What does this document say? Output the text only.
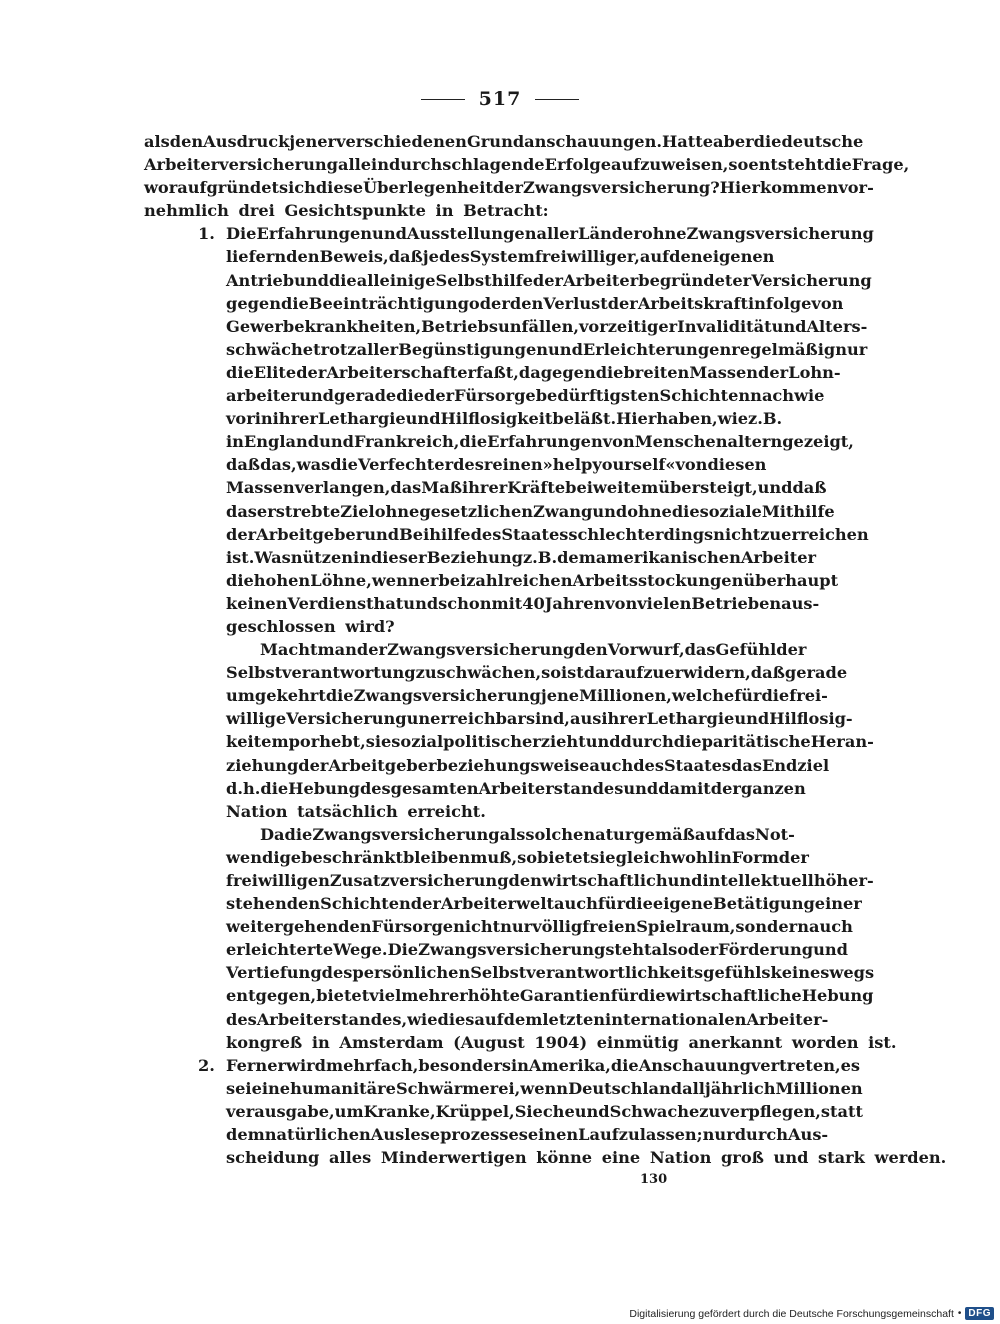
517
als den Ausdruck jener verschiedenen Grundanschauungen. Hatte aber die deutsche
Arbeiterversicherung allein durchschlagende Erfolge aufzuweisen, so entsteht die Frage,
worauf gründet sich diese Überlegenheit der Zwangsversicherung? Hier kommen vor-
nehmlich drei Gesichtspunkte in Betracht:
1. Die Erfahrungen und Ausstellungen aller Länder ohne Zwangsversicherung
liefern den Beweis, daß jedes System freiwilliger, auf den eigenen
Antrieb und die alleinige Selbsthilfe der Arbeiter begründeter Versicherung
gegen die Beeinträchtigung oder den Verlust der Arbeitskraft infolge von
Gewerbekrankheiten, Betriebsunfällen, vorzeitiger Invalidität und Alters-
schwäche trotz aller Begünstigungen und Erleichterungen regelmäßig nur
die Elite der Arbeiterschaft erfaßt, dagegen die breiten Massen der Lohn-
arbeiter und gerade die der Fürsorge bedürftigsten Schichten nach wie
vor in ihrer Lethargie und Hilflosigkeit beläßt. Hier haben, wie z. B.
in England und Frankreich, die Erfahrungen von Menschenaltern gezeigt,
daß das, was die Verfechter des reinen »help your self« von diesen
Massen verlangen, das Maß ihrer Kräfte bei weitem übersteigt, und daß
das erstrebte Ziel ohne gesetzlichen Zwang und ohne die soziale Mithilfe
der Arbeitgeber und Beihilfe des Staates schlechterdings nicht zu erreichen
ist. Was nützen in dieser Beziehung z. B. dem amerikanischen Arbeiter
die hohen Löhne, wenn er bei zahlreichen Arbeitsstockungen überhaupt
keinen Verdienst hat und schon mit 40 Jahren von vielen Betrieben aus-
geschlossen wird?
Macht man der Zwangsversicherung den Vorwurf, das Gefühl der
Selbstverantwortung zu schwächen, so ist darauf zu erwidern, daß gerade
umgekehrt die Zwangsversicherung jene Millionen, welche für die frei-
willige Versicherung unerreichbar sind, aus ihrer Lethargie und Hilflosig-
keit emporhebt, sie sozialpolitisch erzieht und durch die paritätische Heran-
ziehung der Arbeitgeber beziehungsweise auch des Staates das Endziel
d. h. die Hebung des gesamten Arbeiterstandes und damit der ganzen
Nation tatsächlich erreicht.
Da die Zwangsversicherung als solche naturgemäß auf das Not-
wendige beschränkt bleiben muß, so bietet sie gleichwohl in Form der
freiwilligen Zusatzversicherung den wirtschaftlich und intellektuell höher-
stehenden Schichten der Arbeiterwelt auch für die eigene Betätigung einer
weitergehenden Fürsorge nicht nur völlig freien Spielraum, sondern auch
erleichterte Wege. Die Zwangsversicherung steht also der Förderung und
Vertiefung des persönlichen Selbstverantwortlichkeitsgefühls keineswegs
entgegen, bietet vielmehr erhöhte Garantien für die wirtschaftliche Hebung
des Arbeiterstandes, wie dies auf dem letzten internationalen Arbeiter-
kongreß in Amsterdam (August 1904) einmütig anerkannt worden ist.
2. Ferner wird mehrfach, besonders in Amerika, die Anschauung vertreten, es
sei eine humanitäre Schwärmerei, wenn Deutschland alljährlich Millionen
verausgabe, um Kranke, Krüppel, Sieche und Schwache zu verpflegen, statt
dem natürlichen Ausleseprozesse seinen Lauf zu lassen; nur durch Aus-
scheidung alles Minderwertigen könne eine Nation groß und stark werden.
130
Digitalisierung gefördert durch die Deutsche Forschungsgemeinschaft • DFG
